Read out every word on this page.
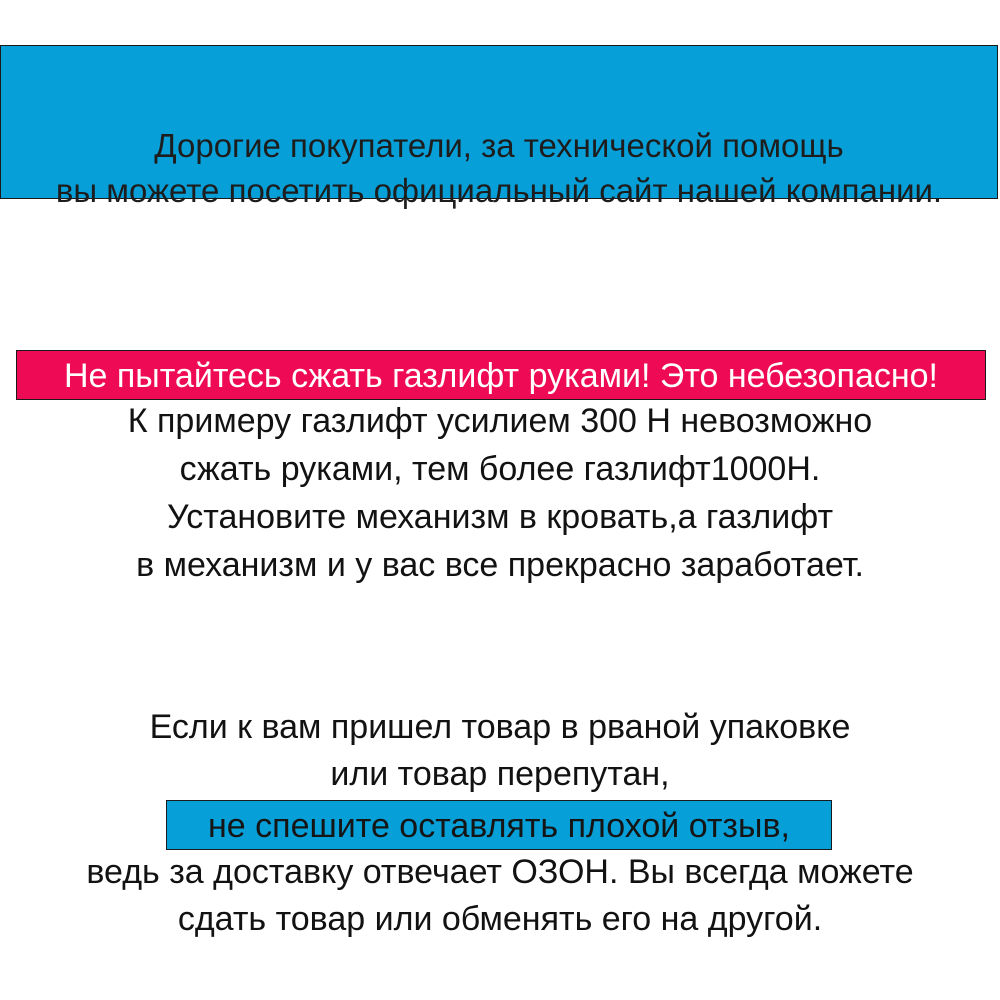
Дорогие покупатели, за технической помощь
вы можете посетить официальный сайт нашей компании.
Не пытайтесь сжать газлифт руками! Это небезопасно!
К примеру газлифт усилием 300 Н невозможно
сжать руками, тем более газлифт1000Н.
Установите механизм в кровать,а газлифт
в механизм и у вас все прекрасно заработает.
Если к вам пришел товар в рваной упаковке
или товар перепутан,
не спешите оставлять плохой отзыв,
ведь за доставку отвечает ОЗОН. Вы всегда можете
сдать товар или обменять его на другой.
